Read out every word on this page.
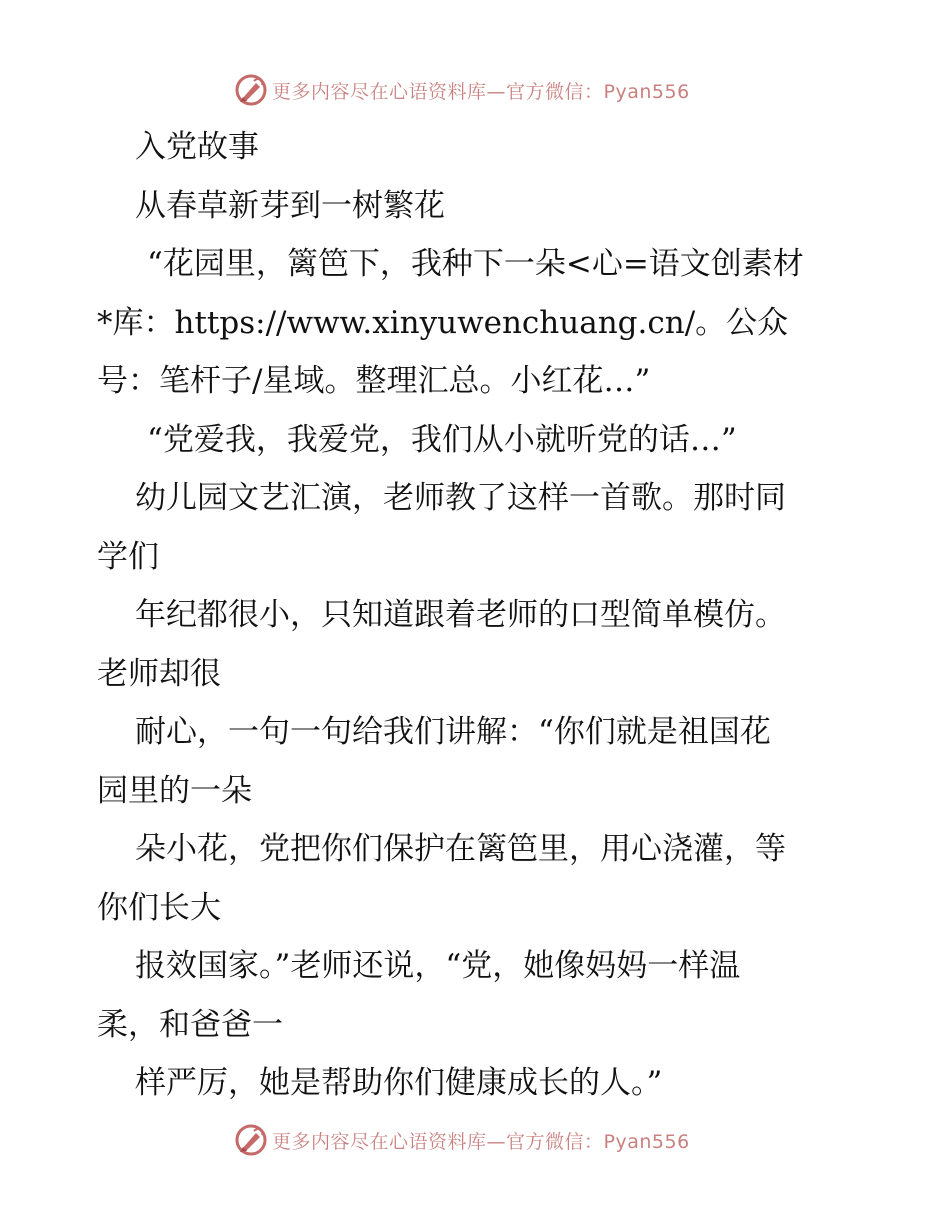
更多内容尽在心语资料库—官方微信：Pyan556
入党故事
从春草新芽到一树繁花
“花园里，篱笆下，我种下一朵<心=语文创素材
*库：https://www.xinyuwenchuang.cn/。公众
号：笔杆子/星域。整理汇总。小红花…”
“党爱我，我爱党，我们从小就听党的话…”
幼儿园文艺汇演，老师教了这样一首歌。那时同
学们
年纪都很小，只知道跟着老师的口型简单模仿。
老师却很
耐心，一句一句给我们讲解：“你们就是祖国花
园里的一朵
朵小花，党把你们保护在篱笆里，用心浇灌，等
你们长大
报效国家。”老师还说，“党，她像妈妈一样温
柔，和爸爸一
样严厉，她是帮助你们健康成长的人。”
更多内容尽在心语资料库—官方微信：Pyan556
